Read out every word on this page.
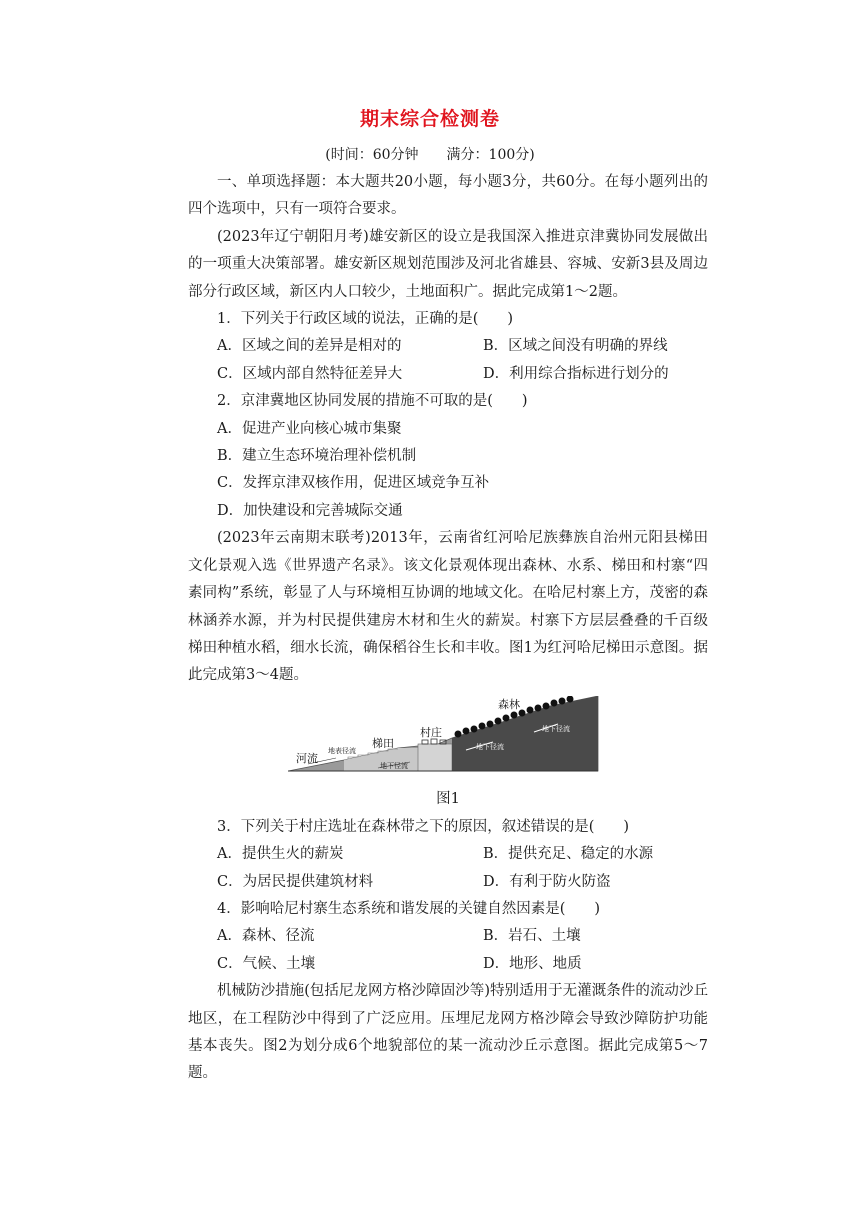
期末综合检测卷
(时间：60分钟　　满分：100分)

一、单项选择题：本大题共20小题，每小题3分，共60分。在每小题列出的四个选项中，只有一项符合要求。

(2023年辽宁朝阳月考)雄安新区的设立是我国深入推进京津冀协同发展做出的一项重大决策部署。雄安新区规划范围涉及河北省雄县、容城、安新3县及周边部分行政区域，新区内人口较少，土地面积广。据此完成第1～2题。

1．下列关于行政区域的说法，正确的是(　　)

A．区域之间的差异是相对的	B．区域之间没有明确的界线
C．区域内部自然特征差异大	D．利用综合指标进行划分的

2．京津冀地区协同发展的措施不可取的是(　　)

A．促进产业向核心城市集聚

B．建立生态环境治理补偿机制

C．发挥京津双核作用，促进区域竞争互补

D．加快建设和完善城际交通

(2023年云南期末联考)2013年，云南省红河哈尼族彝族自治州元阳县梯田文化景观入选《世界遗产名录》。该文化景观体现出森林、水系、梯田和村寨“四素同构”系统，彰显了人与环境相互协调的地域文化。在哈尼村寨上方，茂密的森林涵养水源，并为村民提供建房木材和生火的薪炭。村寨下方层层叠叠的千百级梯田种植水稻，细水长流，确保稻谷生长和丰收。图1为红河哈尼梯田示意图。据此完成第3～4题。

森林
村庄
梯田
河流
地表径流
地下径流
地下径流
地下径流

图1

3．下列关于村庄选址在森林带之下的原因，叙述错误的是(　　)

A．提供生火的薪炭	B．提供充足、稳定的水源
C．为居民提供建筑材料	D．有利于防火防盗

4．影响哈尼村寨生态系统和谐发展的关键自然因素是(　　)

A．森林、径流	B．岩石、土壤
C．气候、土壤	D．地形、地质

机械防沙措施(包括尼龙网方格沙障固沙等)特别适用于无灌溉条件的流动沙丘地区，在工程防沙中得到了广泛应用。压埋尼龙网方格沙障会导致沙障防护功能基本丧失。图2为划分成6个地貌部位的某一流动沙丘示意图。据此完成第5～7题。
